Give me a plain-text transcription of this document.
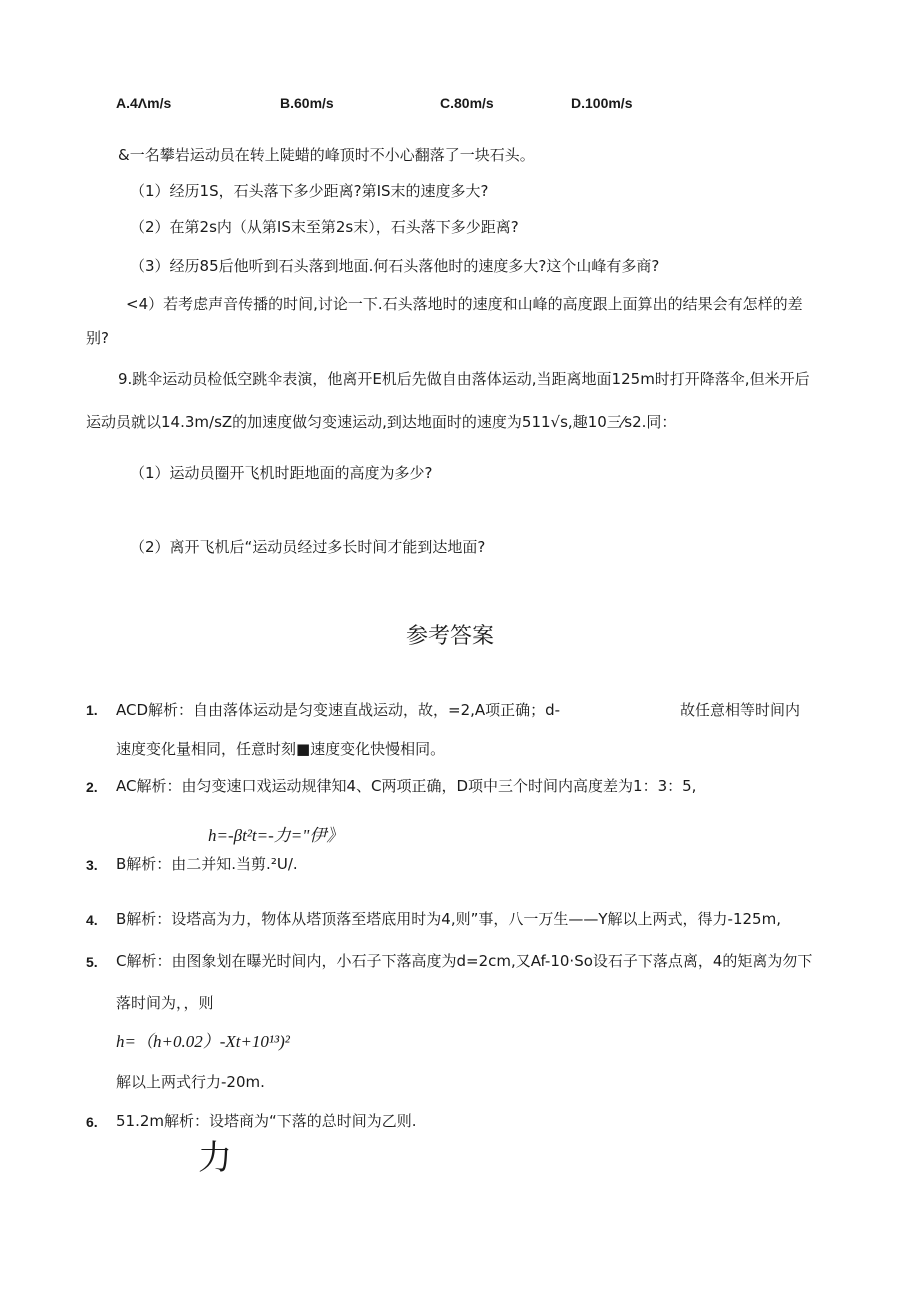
A.4Λm/s	B.60m/s	C.80m/s	D.100m/s
&一名攀岩运动员在转上陡蜡的峰顶时不小心翻落了一块石头。
（1）经历1S，石头落下多少距离?第IS末的速度多大?
（2）在第2s内（从第IS末至第2s末），石头落下多少距离?
（3）经历85后他听到石头落到地面.何石头落他时的速度多大?这个山峰有多商?
<4）若考虑声音传播的时间,讨论一下.石头落地时的速度和山峰的高度跟上面算出的结果会有怎样的差
别?
9.跳伞运动员检低空跳伞表演，他离开E机后先做自由落体运动,当距离地面125m时打开降落伞,但米开后
运动员就以14.3m/sZ的加速度做匀变速运动,到达地面时的速度为511√s,趣10三⁄s2.同：
（1）运动员圈开飞机时距地面的高度为多少?
（2）离开飞机后“运动员经过多长时间才能到达地面?
参考答案
1. ACD解析：自由落体运动是匀变速直战运动，故，=2,A项正确；d-	故任意相等时间内
速度变化量相同，任意时刻■速度变化快慢相同。
2. AC解析：由匀变速口戏运动规律知4、C两项正确，D项中三个时间内高度差为1：3：5,
h=-βt²t=-力="伊》
3. B解析：由二并知.当剪.²U/.
4. B解析：设塔高为力，物体从塔顶落至塔底用时为4,则”事，八一万生——Y解以上两式，得力-125m,
5. C解析：由图象划在曝光时间内，小石子下落高度为d=2cm,又Af-10·So设石子下落点离，4的矩离为勿下
落时间为，，则
h=（h+0.02）-Xt+10¹³)²
解以上两式行力-20m.
6. 51.2m解析：设塔商为“下落的总时间为乙则.
力
